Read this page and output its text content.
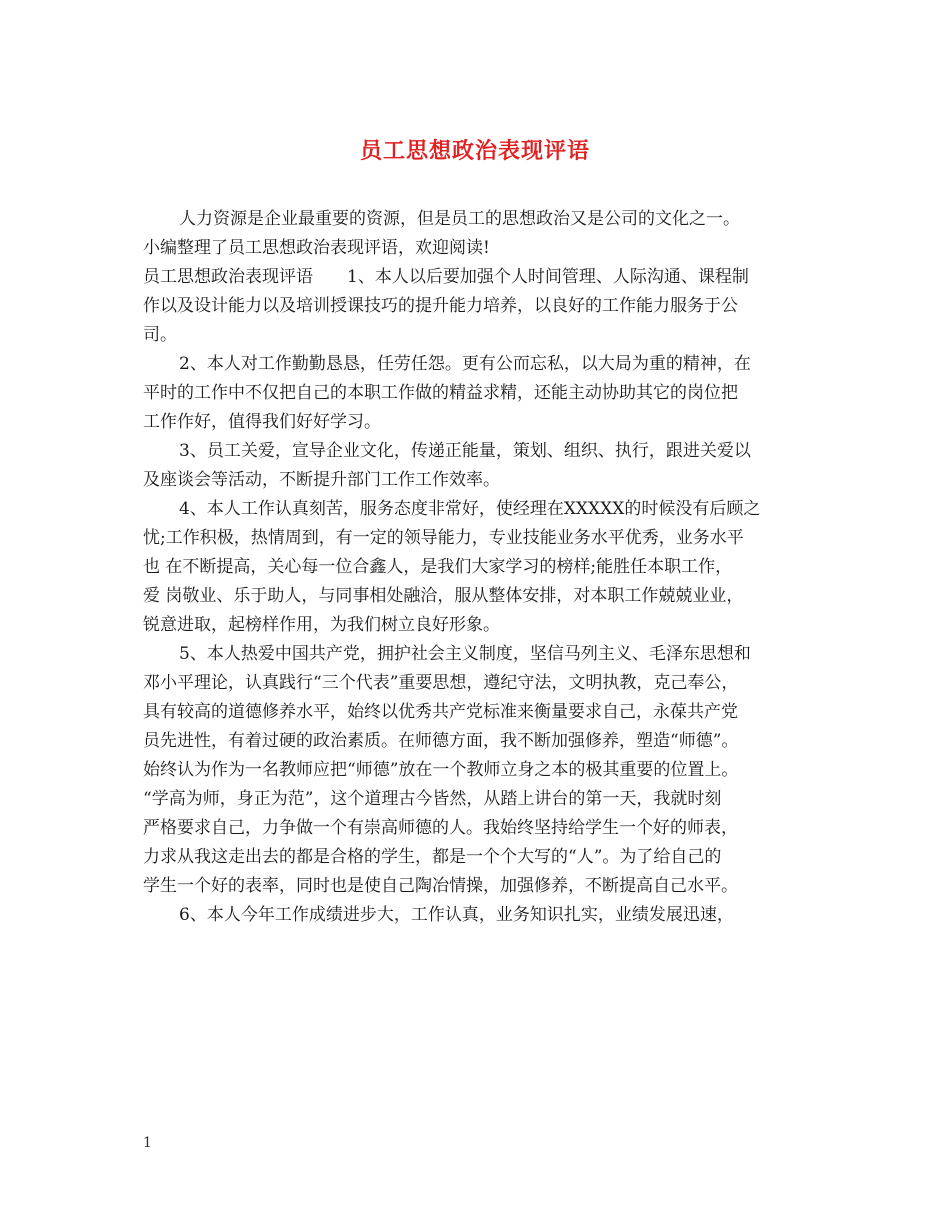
员工思想政治表现评语
人力资源是企业最重要的资源，但是员工的思想政治又是公司的文化之一。
小编整理了员工思想政治表现评语，欢迎阅读!
员工思想政治表现评语　　1、本人以后要加强个人时间管理、人际沟通、课程制
作以及设计能力以及培训授课技巧的提升能力培养，以良好的工作能力服务于公
司。
2、本人对工作勤勤恳恳，任劳任怨。更有公而忘私，以大局为重的精神，在
平时的工作中不仅把自己的本职工作做的精益求精，还能主动协助其它的岗位把
工作作好，值得我们好好学习。
3、员工关爱，宣导企业文化，传递正能量，策划、组织、执行，跟进关爱以
及座谈会等活动，不断提升部门工作工作效率。
4、本人工作认真刻苦，服务态度非常好，使经理在XXXXX的时候没有后顾之
忧;工作积极，热情周到，有一定的领导能力，专业技能业务水平优秀，业务水平
也 在不断提高，关心每一位合鑫人，是我们大家学习的榜样;能胜任本职工作，
爱 岗敬业、乐于助人，与同事相处融洽，服从整体安排，对本职工作兢兢业业，
锐意进取，起榜样作用，为我们树立良好形象。
5、本人热爱中国共产党，拥护社会主义制度，坚信马列主义、毛泽东思想和
邓小平理论，认真践行“三个代表”重要思想，遵纪守法，文明执教，克己奉公，
具有较高的道德修养水平，始终以优秀共产党标准来衡量要求自己，永葆共产党
员先进性，有着过硬的政治素质。在师德方面，我不断加强修养，塑造“师德”。
始终认为作为一名教师应把“师德”放在一个教师立身之本的极其重要的位置上。
“学高为师，身正为范”，这个道理古今皆然，从踏上讲台的第一天，我就时刻
严格要求自己，力争做一个有崇高师德的人。我始终坚持给学生一个好的师表，
力求从我这走出去的都是合格的学生，都是一个个大写的“人”。为了给自己的
学生一个好的表率，同时也是使自己陶冶情操，加强修养，不断提高自己水平。
6、本人今年工作成绩进步大，工作认真，业务知识扎实，业绩发展迅速，
1
